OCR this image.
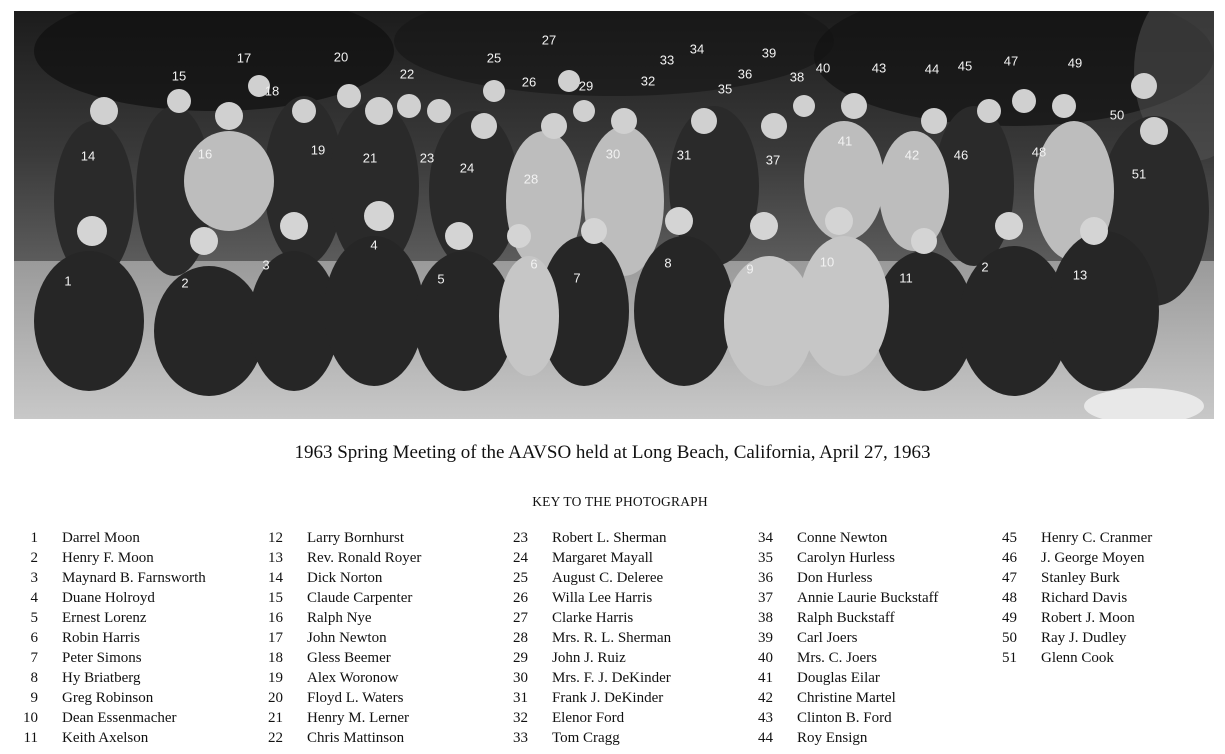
1	2
3
4
5
6
7
8	9	10
11
2
13
14
15
16
17
18
19
20
21
22
23
24
25
26
27
28
29
30	31
32
33
34
35
36
37
38
39
40
41
42
43	44 45
46
47
48
49
50
51
1963 Spring Meeting of the AAVSO held at Long Beach, California, April 27, 1963
KEY TO THE PHOTOGRAPH
1 Darrel Moon
2 Henry F. Moon
3 Maynard B. Farnsworth
4 Duane Holroyd
5 Ernest Lorenz
6 Robin Harris
7 Peter Simons
8 Hy Briatberg
9 Greg Robinson
10 Dean Essenmacher
11 Keith Axelson
12 Larry Bornhurst
13 Rev. Ronald Royer
14 Dick Norton
15 Claude Carpenter
16 Ralph Nye
17 John Newton
18 Gless Beemer
19 Alex Woronow
20 Floyd L. Waters
21 Henry M. Lerner
22 Chris Mattinson
23 Robert L. Sherman
24 Margaret Mayall
25 August C. Deleree
26 Willa Lee Harris
27 Clarke Harris
28 Mrs. R. L. Sherman
29 John J. Ruiz
30 Mrs. F. J. DeKinder
31 Frank J. DeKinder
32 Elenor Ford
33 Tom Cragg
34 Conne Newton
35 Carolyn Hurless
36 Don Hurless
37 Annie Laurie Buckstaff
38 Ralph Buckstaff
39 Carl Joers
40 Mrs. C. Joers
41 Douglas Eilar
42 Christine Martel
43 Clinton B. Ford
44 Roy Ensign
45 Henry C. Cranmer
46 J. George Moyen
47 Stanley Burk
48 Richard Davis
49 Robert J. Moon
50 Ray J. Dudley
51 Glenn Cook
